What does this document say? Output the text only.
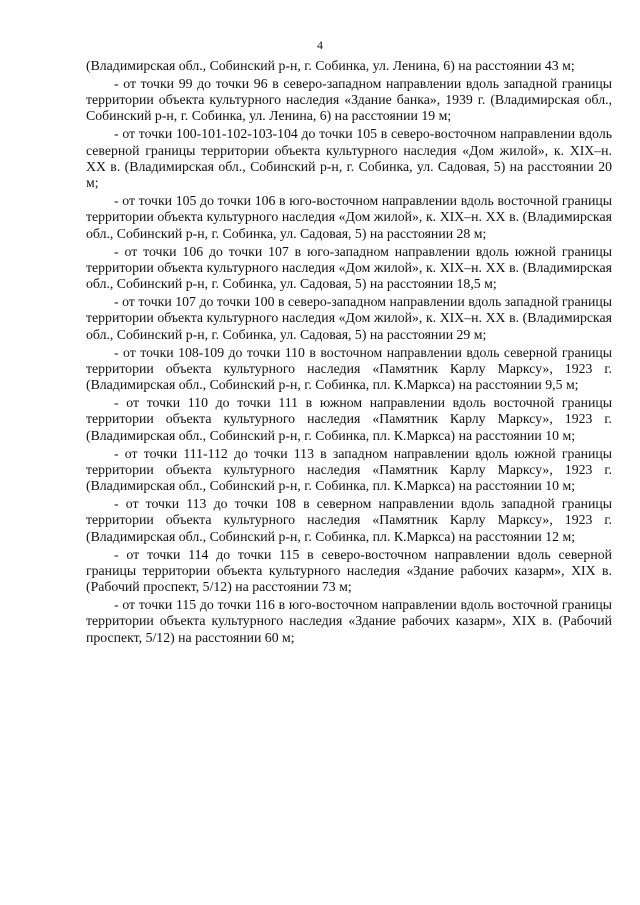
4

(Владимирская обл., Собинский р-н, г. Собинка, ул. Ленина, 6) на расстоянии 43 м;

- от точки 99 до точки 96 в северо-западном направлении вдоль западной границы территории объекта культурного наследия «Здание банка», 1939 г. (Владимирская обл., Собинский р-н, г. Собинка, ул. Ленина, 6) на расстоянии 19 м;

- от точки 100-101-102-103-104 до точки 105 в северо-восточном направлении вдоль северной границы территории объекта культурного наследия «Дом жилой», к. XIX–н. XX в. (Владимирская обл., Собинский р-н, г. Собинка, ул. Садовая, 5) на расстоянии 20 м;

- от точки 105 до точки 106 в юго-восточном направлении вдоль восточной границы территории объекта культурного наследия «Дом жилой», к. XIX–н. XX в. (Владимирская обл., Собинский р-н, г. Собинка, ул. Садовая, 5) на расстоянии 28 м;

- от точки 106 до точки 107 в юго-западном направлении вдоль южной границы территории объекта культурного наследия «Дом жилой», к. XIX–н. XX в. (Владимирская обл., Собинский р-н, г. Собинка, ул. Садовая, 5) на расстоянии 18,5 м;

- от точки 107 до точки 100 в северо-западном направлении вдоль западной границы территории объекта культурного наследия «Дом жилой», к. XIX–н. XX в. (Владимирская обл., Собинский р-н, г. Собинка, ул. Садовая, 5) на расстоянии 29 м;

- от точки 108-109 до точки 110 в восточном направлении вдоль северной границы территории объекта культурного наследия «Памятник Карлу Марксу», 1923 г. (Владимирская обл., Собинский р-н, г. Собинка, пл. К.Маркса) на расстоянии 9,5 м;

- от точки 110 до точки 111 в южном направлении вдоль восточной границы территории объекта культурного наследия «Памятник Карлу Марксу», 1923 г. (Владимирская обл., Собинский р-н, г. Собинка, пл. К.Маркса) на расстоянии 10 м;

- от точки 111-112 до точки 113 в западном направлении вдоль южной границы территории объекта культурного наследия «Памятник Карлу Марксу», 1923 г. (Владимирская обл., Собинский р-н, г. Собинка, пл. К.Маркса) на расстоянии 10 м;

- от точки 113 до точки 108 в северном направлении вдоль западной границы территории объекта культурного наследия «Памятник Карлу Марксу», 1923 г. (Владимирская обл., Собинский р-н, г. Собинка, пл. К.Маркса) на расстоянии 12 м;

- от точки 114 до точки 115 в северо-восточном направлении вдоль северной границы территории объекта культурного наследия «Здание рабочих казарм», XIX в. (Рабочий проспект, 5/12) на расстоянии 73 м;

- от точки 115 до точки 116 в юго-восточном направлении вдоль восточной границы территории объекта культурного наследия «Здание рабочих казарм», XIX в. (Рабочий проспект, 5/12) на расстоянии 60 м;
